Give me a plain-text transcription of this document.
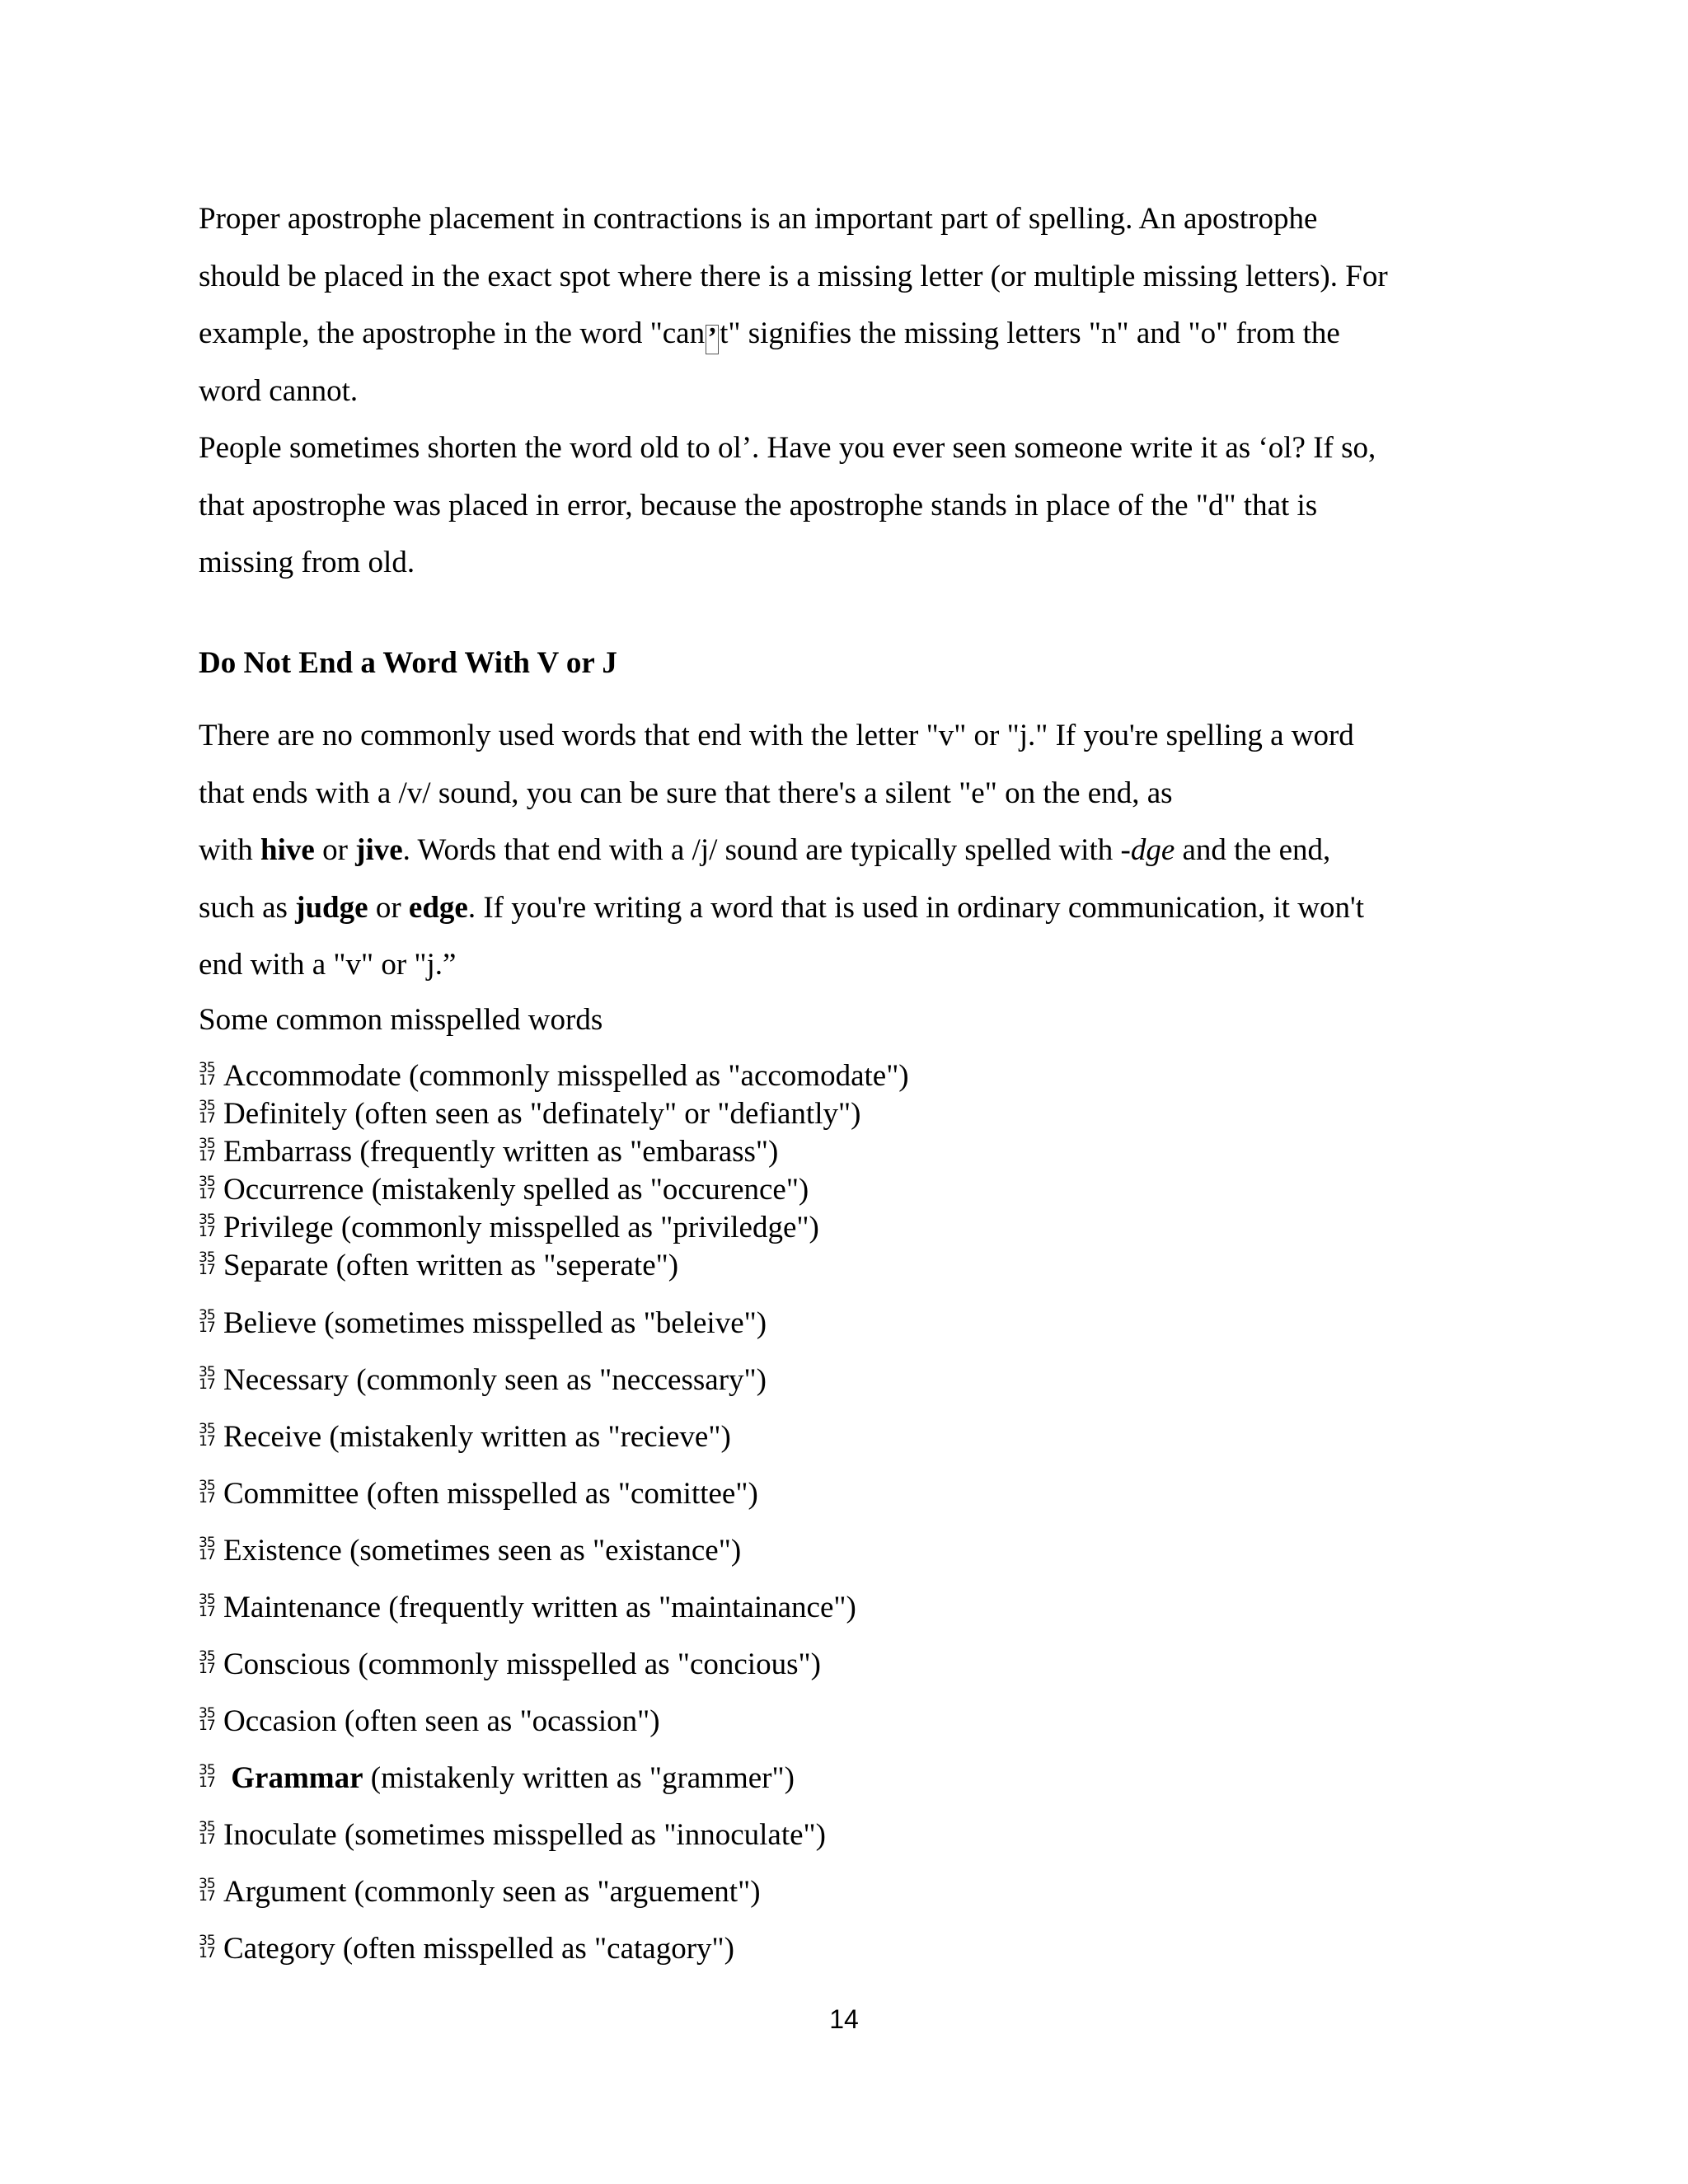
Proper apostrophe placement in contractions is an important part of spelling. An apostrophe
should be placed in the exact spot where there is a missing letter (or multiple missing letters). For
example, the apostrophe in the word "can’t" signifies the missing letters "n" and "o" from the
word cannot.
People sometimes shorten the word old to ol’. Have you ever seen someone write it as ‘ol? If so,
that apostrophe was placed in error, because the apostrophe stands in place of the "d" that is
missing from old.
Do Not End a Word With V or J
There are no commonly used words that end with the letter "v" or "j." If you're spelling a word
that ends with a /v/ sound, you can be sure that there's a silent "e" on the end, as
with hive or jive. Words that end with a /j/ sound are typically spelled with -dge and the end,
such as judge or edge. If you're writing a word that is used in ordinary communication, it won't
end with a "v" or "j.”
Some common misspelled words
35
17 Accommodate (commonly misspelled as "accomodate")
35
17 Definitely (often seen as "definately" or "defiantly")
35
17 Embarrass (frequently written as "embarass")
35
17 Occurrence (mistakenly spelled as "occurence")
35
17 Privilege (commonly misspelled as "priviledge")
35
17 Separate (often written as "seperate")
35
17 Believe (sometimes misspelled as "beleive")
35
17 Necessary (commonly seen as "neccessary")
35
17 Receive (mistakenly written as "recieve")
35
17 Committee (often misspelled as "comittee")
35
17 Existence (sometimes seen as "existance")
35
17 Maintenance (frequently written as "maintainance")
35
17 Conscious (commonly misspelled as "concious")
35
17 Occasion (often seen as "ocassion")
35
17 Grammar (mistakenly written as "grammer")
35
17 Inoculate (sometimes misspelled as "innoculate")
35
17 Argument (commonly seen as "arguement")
35
17 Category (often misspelled as "catagory")
14
